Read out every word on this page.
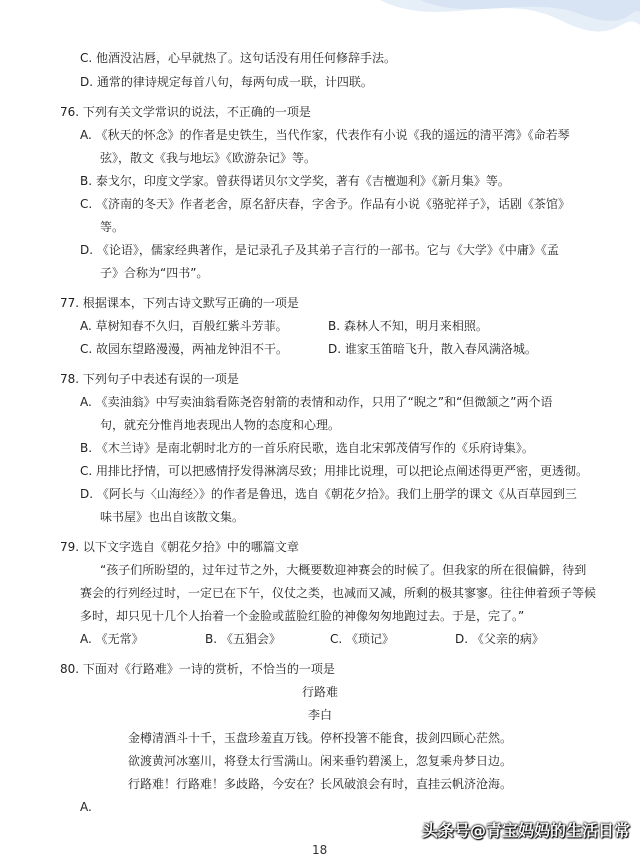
C. 他酒没沾唇，心早就热了。这句话没有用任何修辞手法。
D. 通常的律诗规定每首八句，每两句成一联，计四联。
76. 下列有关文学常识的说法，不正确的一项是
A. 《秋天的怀念》的作者是史铁生，当代作家，代表作有小说《我的遥远的清平湾》《命若琴
弦》，散文《我与地坛》《欧游杂记》等。
B. 泰戈尔，印度文学家。曾获得诺贝尔文学奖，著有《吉檀迦利》《新月集》等。
C. 《济南的冬天》作者老舍，原名舒庆春，字舍予。作品有小说《骆驼祥子》，话剧《茶馆》
等。
D. 《论语》，儒家经典著作，是记录孔子及其弟子言行的一部书。它与《大学》《中庸》《孟
子》合称为“四书”。
77. 根据课本，下列古诗文默写正确的一项是
A. 草树知春不久归，百般红紫斗芳菲。	B. 森林人不知，明月来相照。
C. 故园东望路漫漫，两袖龙钟泪不干。	D. 谁家玉笛暗飞升，散入春风满洛城。
78. 下列句子中表述有误的一项是
A. 《卖油翁》中写卖油翁看陈尧咨射箭的表情和动作，只用了“睨之”和“但微颔之”两个语
句，就充分惟肖地表现出人物的态度和心理。
B. 《木兰诗》是南北朝时北方的一首乐府民歌，选自北宋郭茂倩写作的《乐府诗集》。
C. 用排比抒情，可以把感情抒发得淋漓尽致；用排比说理，可以把论点阐述得更严密，更透彻。
D. 《阿长与〈山海经〉》的作者是鲁迅，选自《朝花夕拾》。我们上册学的课文《从百草园到三
味书屋》也出自该散文集。
79. 以下文字选自《朝花夕拾》中的哪篇文章
“孩子们所盼望的，过年过节之外，大概要数迎神赛会的时候了。但我家的所在很偏僻，待到
赛会的行列经过时，一定已在下午，仪仗之类，也减而又减，所剩的极其寥寥。往往伸着颈子等候
多时，却只见十几个人抬着一个金脸或蓝脸红脸的神像匆匆地跑过去。于是，完了。”
A. 《无常》	B. 《五猖会》	C. 《琐记》	D. 《父亲的病》
80. 下面对《行路难》一诗的赏析，不恰当的一项是
行路难
李白
金樽清酒斗十千，玉盘珍羞直万钱。停杯投箸不能食，拔剑四顾心茫然。
欲渡黄河冰塞川，将登太行雪满山。闲来垂钓碧溪上，忽复乘舟梦日边。
行路难！行路难！多歧路，今安在？长风破浪会有时，直挂云帆济沧海。
A.
头条号@青宝妈妈的生活日常
18
